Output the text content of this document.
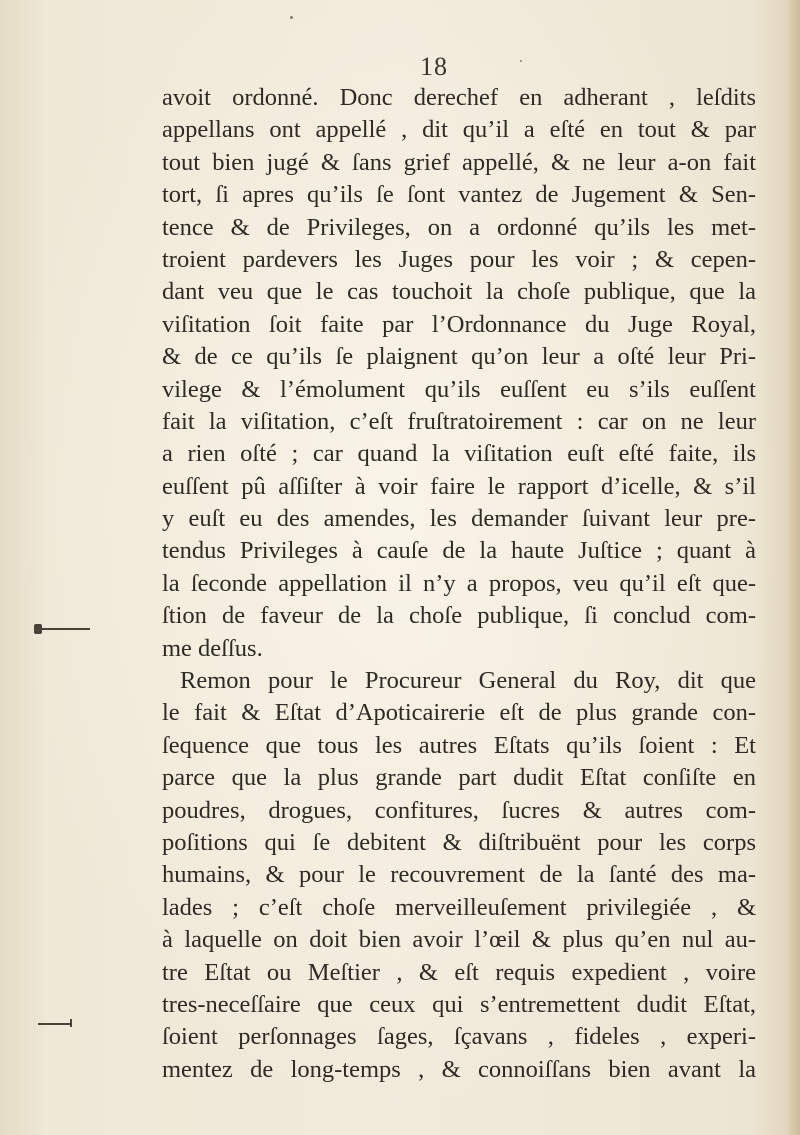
18
avoit ordonné. Donc derechef en adherant , leſdits
appellans ont appellé , dit qu’il a eſté en tout & par
tout bien jugé & ſans grief appellé, & ne leur a-on fait
tort, ſi apres qu’ils ſe ſont vantez de Jugement & Sen-
tence & de Privileges, on a ordonné qu’ils les met-
troient pardevers les Juges pour les voir ; & cepen-
dant veu que le cas touchoit la choſe publique, que la
viſitation ſoit faite par l’Ordonnance du Juge Royal,
& de ce qu’ils ſe plaignent qu’on leur a oſté leur Pri-
vilege & l’émolument qu’ils euſſent eu s’ils euſſent
fait la viſitation, c’eſt fruſtratoirement : car on ne leur
a rien oſté ; car quand la viſitation euſt eſté faite, ils
euſſent pû aſſiſter à voir faire le rapport d’icelle, & s’il
y euſt eu des amendes, les demander ſuivant leur pre-
tendus Privileges à cauſe de la haute Juſtice ; quant à
la ſeconde appellation il n’y a propos, veu qu’il eſt que-
ſtion de faveur de la choſe publique, ſi conclud com-
me deſſus.
Remon pour le Procureur General du Roy, dit que
le fait & Eſtat d’Apoticairerie eſt de plus grande con-
ſequence que tous les autres Eſtats qu’ils ſoient : Et
parce que la plus grande part dudit Eſtat conſiſte en
poudres, drogues, confitures, ſucres & autres com-
poſitions qui ſe debitent & diſtribuënt pour les corps
humains, & pour le recouvrement de la ſanté des ma-
lades ; c’eſt choſe merveilleuſement privilegiée , &
à laquelle on doit bien avoir l’œil & plus qu’en nul au-
tre Eſtat ou Meſtier , & eſt requis expedient , voire
tres-neceſſaire que ceux qui s’entremettent dudit Eſtat,
ſoient perſonnages ſages, ſçavans , fideles , experi-
mentez de long-temps , & connoiſſans bien avant la
